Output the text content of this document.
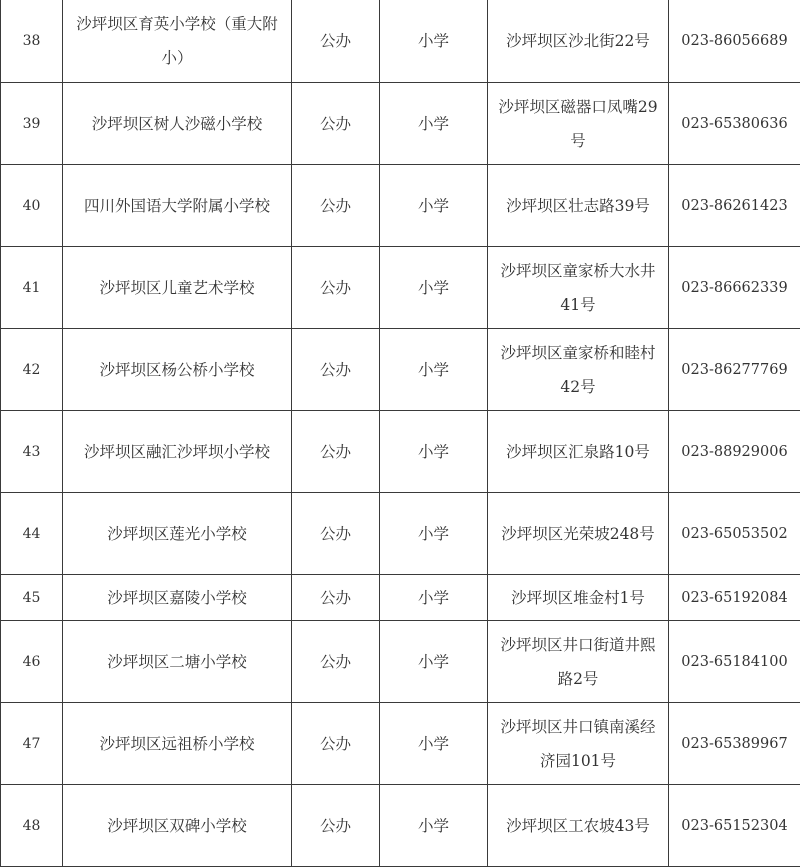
38	沙坪坝区育英小学校（重大附小）	公办	小学	沙坪坝区沙北街22号	023-86056689
39	沙坪坝区树人沙磁小学校	公办	小学	沙坪坝区磁器口凤嘴29号	023-65380636
40	四川外国语大学附属小学校	公办	小学	沙坪坝区壮志路39号	023-86261423
41	沙坪坝区儿童艺术学校	公办	小学	沙坪坝区童家桥大水井41号	023-86662339
42	沙坪坝区杨公桥小学校	公办	小学	沙坪坝区童家桥和睦村42号	023-86277769
43	沙坪坝区融汇沙坪坝小学校	公办	小学	沙坪坝区汇泉路10号	023-88929006
44	沙坪坝区莲光小学校	公办	小学	沙坪坝区光荣坡248号	023-65053502
45	沙坪坝区嘉陵小学校	公办	小学	沙坪坝区堆金村1号	023-65192084
46	沙坪坝区二塘小学校	公办	小学	沙坪坝区井口街道井熙路2号	023-65184100
47	沙坪坝区远祖桥小学校	公办	小学	沙坪坝区井口镇南溪经济园101号	023-65389967
48	沙坪坝区双碑小学校	公办	小学	沙坪坝区工农坡43号	023-65152304
